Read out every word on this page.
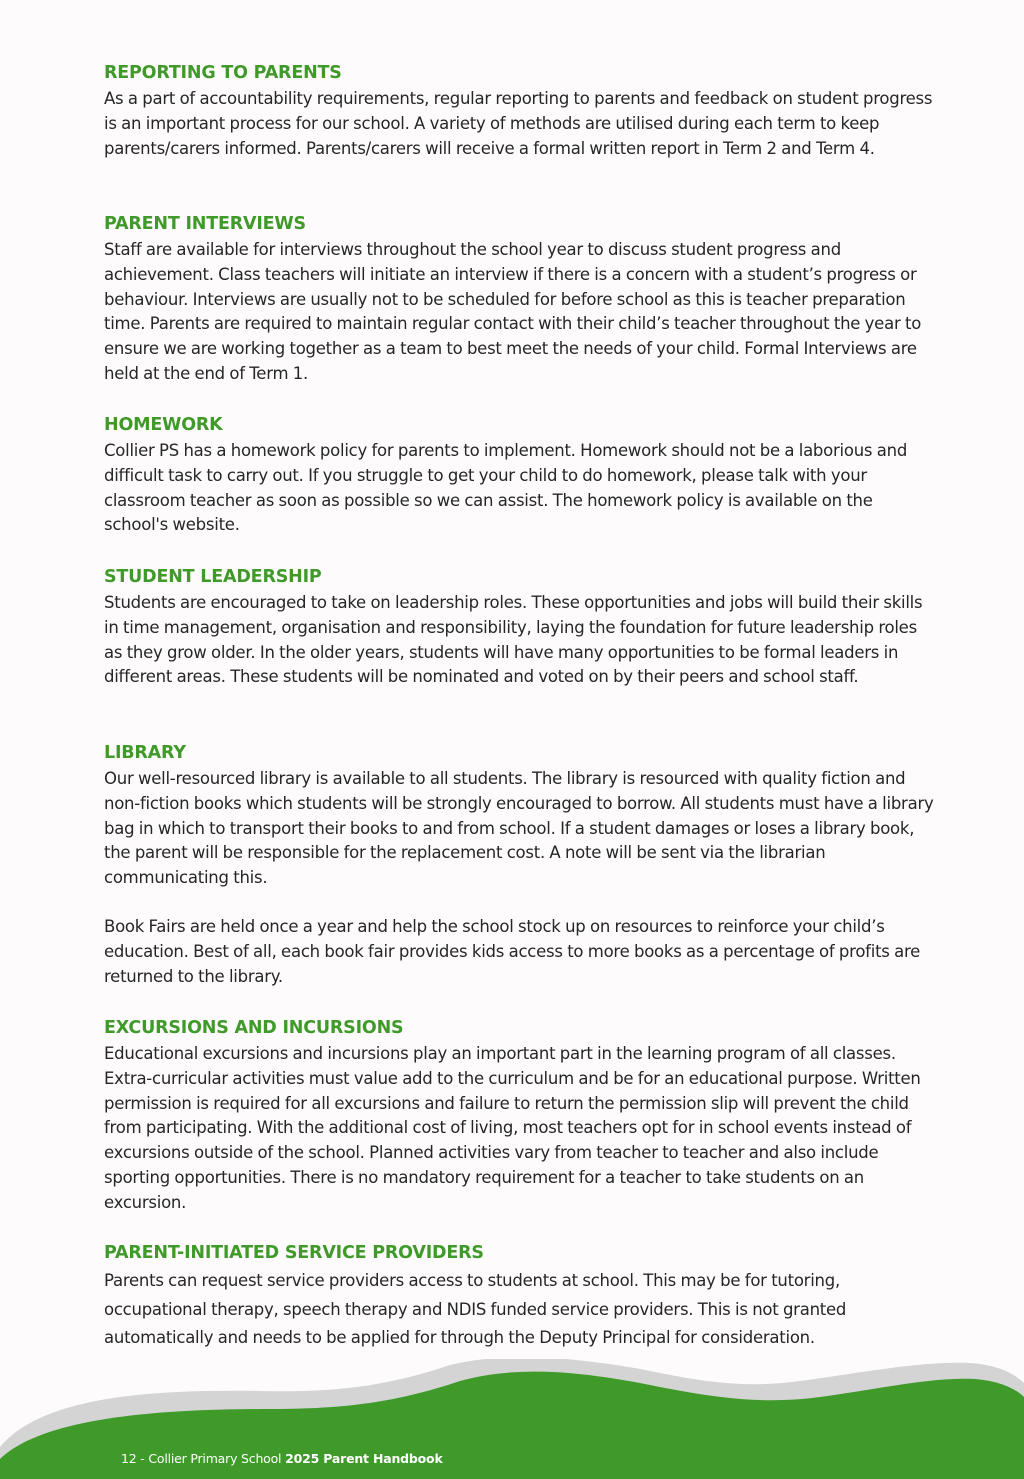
REPORTING TO PARENTS

As a part of accountability requirements, regular reporting to parents and feedback on student progress is an important process for our school. A variety of methods are utilised during each term to keep parents/carers informed. Parents/carers will receive a formal written report in Term 2 and Term 4.

PARENT INTERVIEWS

Staff are available for interviews throughout the school year to discuss student progress and achievement. Class teachers will initiate an interview if there is a concern with a student’s progress or behaviour. Interviews are usually not to be scheduled for before school as this is teacher preparation time. Parents are required to maintain regular contact with their child’s teacher throughout the year to ensure we are working together as a team to best meet the needs of your child. Formal Interviews are held at the end of Term 1.

HOMEWORK

Collier PS has a homework policy for parents to implement. Homework should not be a laborious and difficult task to carry out. If you struggle to get your child to do homework, please talk with your classroom teacher as soon as possible so we can assist. The homework policy is available on the school's website.

STUDENT LEADERSHIP

Students are encouraged to take on leadership roles. These opportunities and jobs will build their skills in time management, organisation and responsibility, laying the foundation for future leadership roles as they grow older. In the older years, students will have many opportunities to be formal leaders in different areas. These students will be nominated and voted on by their peers and school staff.

LIBRARY

Our well-resourced library is available to all students. The library is resourced with quality fiction and non-fiction books which students will be strongly encouraged to borrow. All students must have a library bag in which to transport their books to and from school. If a student damages or loses a library book, the parent will be responsible for the replacement cost. A note will be sent via the librarian communicating this.

Book Fairs are held once a year and help the school stock up on resources to reinforce your child’s education. Best of all, each book fair provides kids access to more books as a percentage of profits are returned to the library.

EXCURSIONS AND INCURSIONS

Educational excursions and incursions play an important part in the learning program of all classes. Extra-curricular activities must value add to the curriculum and be for an educational purpose. Written permission is required for all excursions and failure to return the permission slip will prevent the child from participating. With the additional cost of living, most teachers opt for in school events instead of excursions outside of the school. Planned activities vary from teacher to teacher and also include sporting opportunities. There is no mandatory requirement for a teacher to take students on an excursion.

PARENT-INITIATED SERVICE PROVIDERS

Parents can request service providers access to students at school. This may be for tutoring, occupational therapy, speech therapy and NDIS funded service providers. This is not granted automatically and needs to be applied for through the Deputy Principal for consideration.

12 - Collier Primary School 2025 Parent Handbook
